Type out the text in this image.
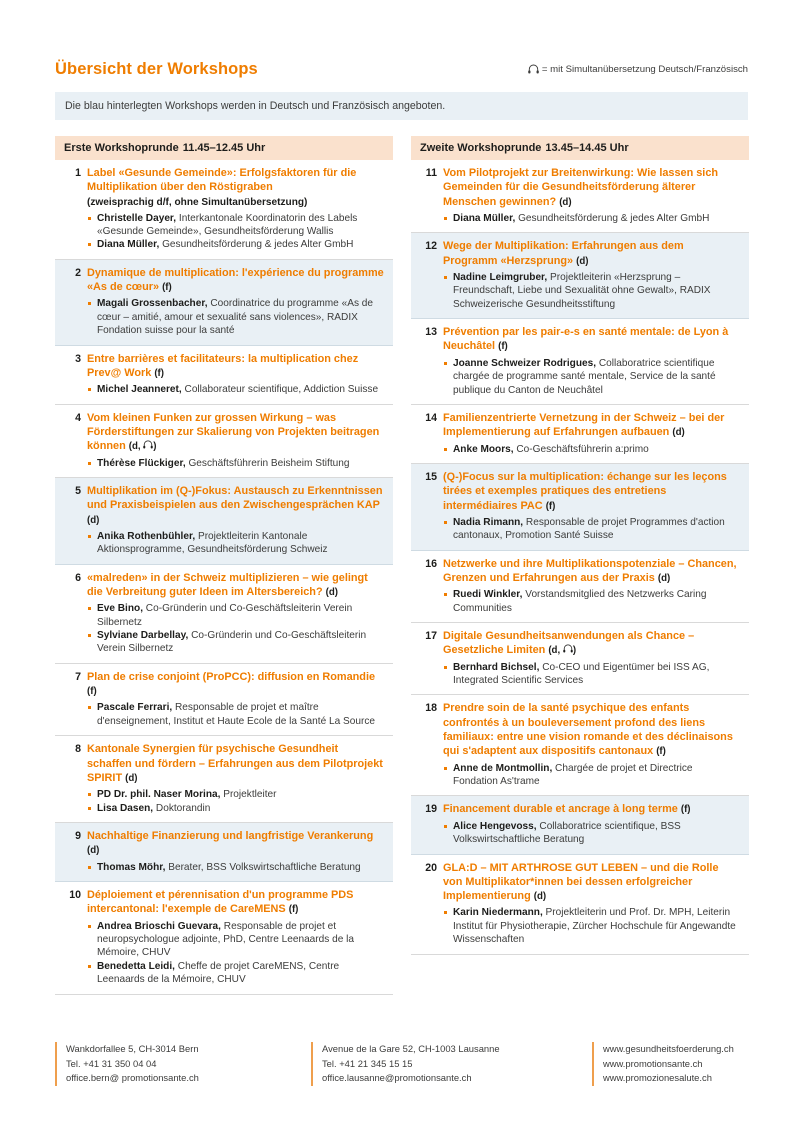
Übersicht der Workshops	= mit Simultanübersetzung Deutsch/Französisch
Die blau hinterlegten Workshops werden in Deutsch und Französisch angeboten.
Erste Workshoprunde 11.45–12.45 Uhr
1 Label «Gesunde Gemeinde»: Erfolgsfaktoren für die Multiplikation über den Röstigraben
(zweisprachig d/f, ohne Simultanübersetzung)
Christelle Dayer, Interkantonale Koordinatorin des Labels «Gesunde Gemeinde», Gesundheitsförderung Wallis
Diana Müller, Gesundheitsförderung & jedes Alter GmbH
2 Dynamique de multiplication: l'expérience du programme «As de cœur» (f)
Magali Grossenbacher, Coordinatrice du programme «As de cœur – amitié, amour et sexualité sans violences», RADIX Fondation suisse pour la santé
3 Entre barrières et facilitateurs: la multiplication chez Prev@ Work (f)
Michel Jeanneret, Collaborateur scientifique, Addiction Suisse
4 Vom kleinen Funken zur grossen Wirkung – was Förderstiftungen zur Skalierung von Projekten beitragen können (d,
)
Thérèse Flückiger, Geschäftsführerin Beisheim Stiftung
5 Multiplikation im (Q-)Fokus: Austausch zu Erkenntnissen und Praxisbeispielen aus den Zwischengesprächen KAP (d)
Anika Rothenbühler, Projektleiterin Kantonale Aktionsprogramme, Gesundheitsförderung Schweiz
6 «malreden» in der Schweiz multiplizieren – wie gelingt die Verbreitung guter Ideen im Altersbereich? (d)
Eve Bino, Co-Gründerin und Co-Geschäftsleiterin Verein Silbernetz
Sylviane Darbellay, Co-Gründerin und Co-Geschäftsleiterin Verein Silbernetz
7 Plan de crise conjoint (ProPCC): diffusion en Romandie (f)
Pascale Ferrari, Responsable de projet et maître d'enseignement, Institut et Haute Ecole de la Santé La Source
8 Kantonale Synergien für psychische Gesundheit schaffen und fördern – Erfahrungen aus dem Pilotprojekt SPIRIT (d)
PD Dr. phil. Naser Morina, Projektleiter
Lisa Dasen, Doktorandin
9 Nachhaltige Finanzierung und langfristige Verankerung (d)
Thomas Möhr, Berater, BSS Volkswirtschaftliche Beratung
10 Déploiement et pérennisation d'un programme PDS intercantonal: l'exemple de CareMENS (f)
Andrea Brioschi Guevara, Responsable de projet et neuropsychologue adjointe, PhD, Centre Leenaards de la Mémoire, CHUV
Benedetta Leidi, Cheffe de projet CareMENS, Centre Leenaards de la Mémoire, CHUV
Zweite Workshoprunde 13.45–14.45 Uhr
11 Vom Pilotprojekt zur Breitenwirkung: Wie lassen sich Gemeinden für die Gesundheitsförderung älterer Menschen gewinnen? (d)
Diana Müller, Gesundheitsförderung & jedes Alter GmbH
12 Wege der Multiplikation: Erfahrungen aus dem Programm «Herzsprung» (d)
Nadine Leimgruber, Projektleiterin «Herzsprung – Freundschaft, Liebe und Sexualität ohne Gewalt», RADIX Schweizerische Gesundheitsstiftung
13 Prévention par les pair-e-s en santé mentale: de Lyon à Neuchâtel (f)
Joanne Schweizer Rodrigues, Collaboratrice scientifique chargée de programme santé mentale, Service de la santé publique du Canton de Neuchâtel
14 Familienzentrierte Vernetzung in der Schweiz – bei der Implementierung auf Erfahrungen aufbauen (d)
Anke Moors, Co-Geschäftsführerin a:primo
15 (Q-)Focus sur la multiplication: échange sur les leçons tirées et exemples pratiques des entretiens intermédiaires PAC (f)
Nadia Rimann, Responsable de projet Programmes d'action cantonaux, Promotion Santé Suisse
16 Netzwerke und ihre Multiplikationspotenziale – Chancen, Grenzen und Erfahrungen aus der Praxis (d)
Ruedi Winkler, Vorstandsmitglied des Netzwerks Caring Communities
17 Digitale Gesundheitsanwendungen als Chance – Gesetzliche Limiten (d,
)
Bernhard Bichsel, Co-CEO und Eigentümer bei ISS AG, Integrated Scientific Services
18 Prendre soin de la santé psychique des enfants confrontés à un bouleversement profond des liens familiaux: entre une vision romande et des déclinaisons qui s'adaptent aux dispositifs cantonaux (f)
Anne de Montmollin, Chargée de projet et Directrice Fondation As'trame
19 Financement durable et ancrage à long terme (f)
Alice Hengevoss, Collaboratrice scientifique, BSS Volkswirtschaftliche Beratung
20 GLA:D – MIT ARTHROSE GUT LEBEN – und die Rolle von Multiplikator*innen bei dessen erfolgreicher Implementierung (d)
Karin Niedermann, Projektleiterin und Prof. Dr. MPH, Leiterin Institut für Physiotherapie, Zürcher Hochschule für Angewandte Wissenschaften
Wankdorfallee 5, CH-3014 Bern
Tel. +41 31 350 04 04
office.bern@ promotionsante.ch
Avenue de la Gare 52, CH-1003 Lausanne
Tel. +41 21 345 15 15
office.lausanne@promotionsante.ch
www.gesundheitsfoerderung.ch
www.promotionsante.ch
www.promozionesalute.ch
